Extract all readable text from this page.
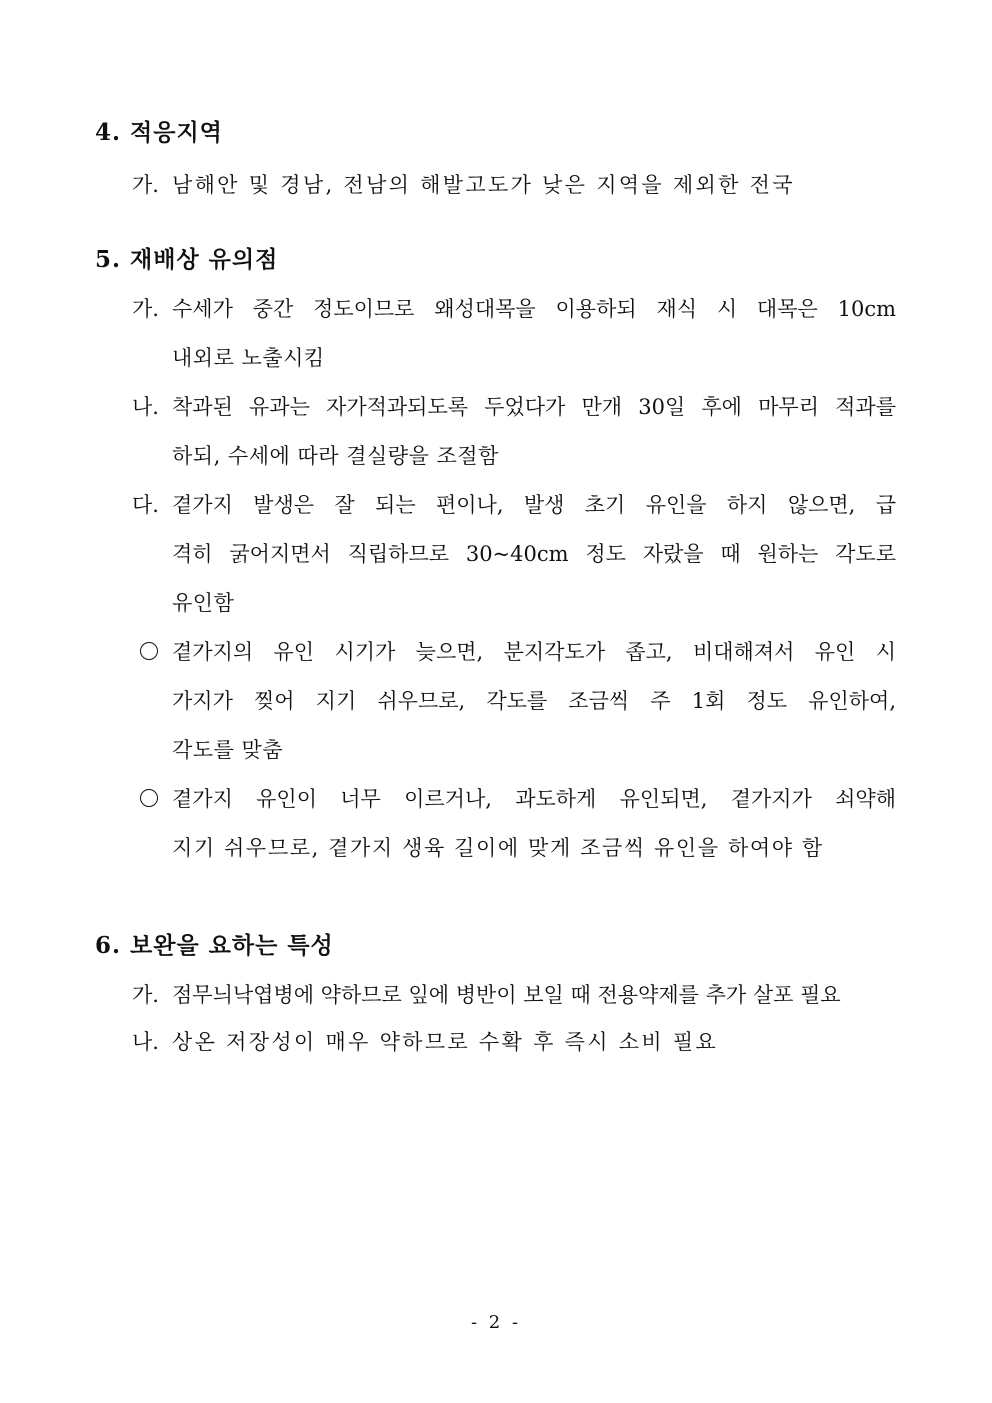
4. 적응지역
가. 남해안 및 경남, 전남의 해발고도가 낮은 지역을 제외한 전국
5. 재배상 유의점
가. 수세가 중간 정도이므로 왜성대목을 이용하되 재식 시 대목은 10cm
내외로 노출시킴
나. 착과된 유과는 자가적과되도록 두었다가 만개 30일 후에 마무리 적과를
하되, 수세에 따라 결실량을 조절함
다. 곁가지 발생은 잘 되는 편이나, 발생 초기 유인을 하지 않으면, 급
격히 굵어지면서 직립하므로 30~40cm 정도 자랐을 때 원하는 각도로
유인함
곁가지의 유인 시기가 늦으면, 분지각도가 좁고, 비대해져서 유인 시
가지가 찢어 지기 쉬우므로, 각도를 조금씩 주 1회 정도 유인하여,
각도를 맞춤
곁가지 유인이 너무 이르거나, 과도하게 유인되면, 곁가지가 쇠약해
지기 쉬우므로, 곁가지 생육 길이에 맞게 조금씩 유인을 하여야 함
6. 보완을 요하는 특성
가. 점무늬낙엽병에 약하므로 잎에 병반이 보일 때 전용약제를 추가 살포 필요
나. 상온 저장성이 매우 약하므로 수확 후 즉시 소비 필요
- 2 -
